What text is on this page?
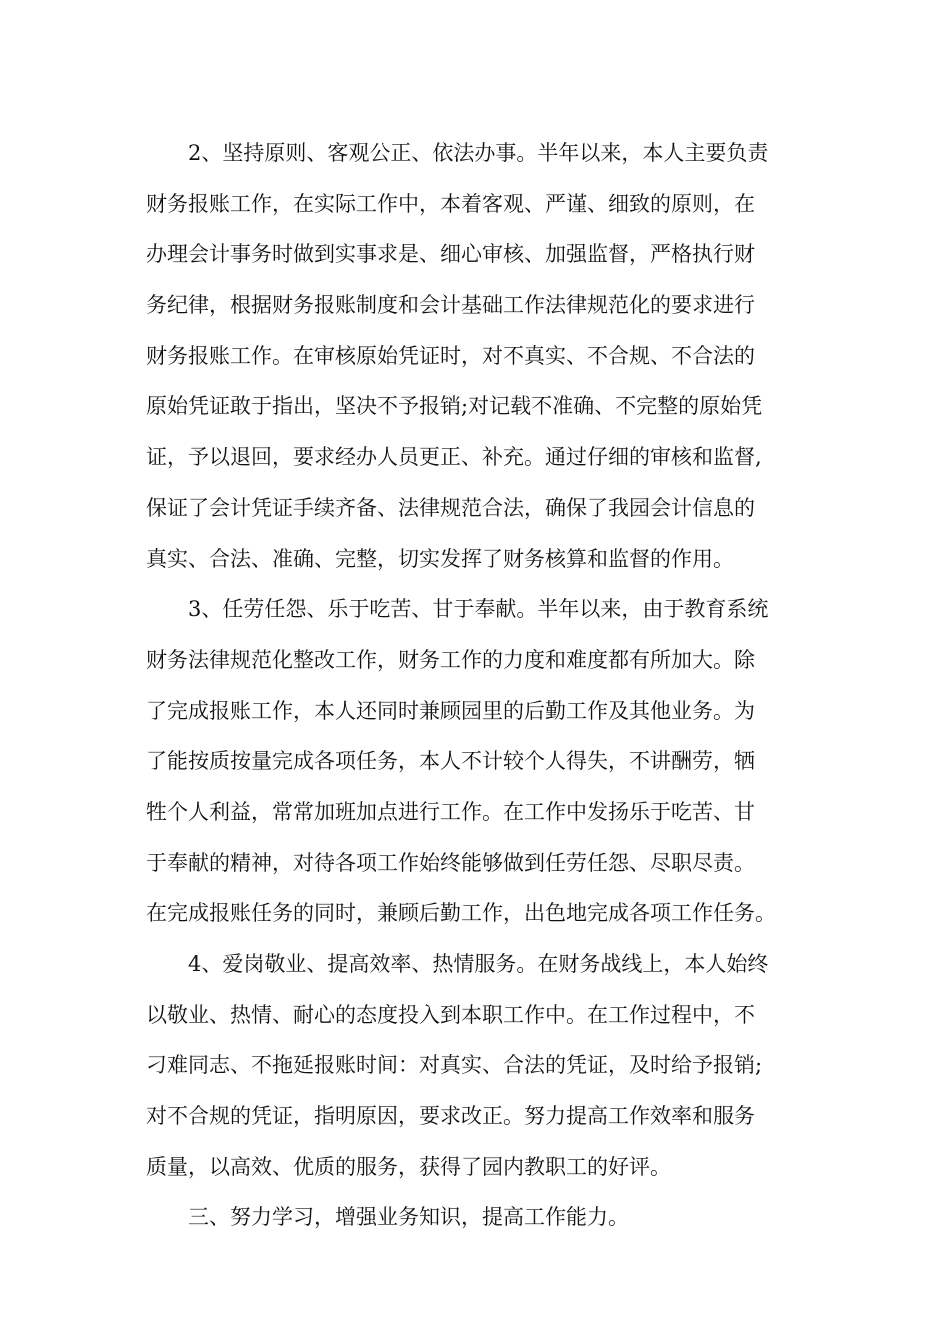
2、坚持原则、客观公正、依法办事。半年以来，本人主要负责
财务报账工作，在实际工作中，本着客观、严谨、细致的原则，在
办理会计事务时做到实事求是、细心审核、加强监督，严格执行财
务纪律，根据财务报账制度和会计基础工作法律规范化的要求进行
财务报账工作。在审核原始凭证时，对不真实、不合规、不合法的
原始凭证敢于指出，坚决不予报销;对记载不准确、不完整的原始凭
证，予以退回，要求经办人员更正、补充。通过仔细的审核和监督,
保证了会计凭证手续齐备、法律规范合法，确保了我园会计信息的
真实、合法、准确、完整，切实发挥了财务核算和监督的作用。
3、任劳任怨、乐于吃苦、甘于奉献。半年以来，由于教育系统
财务法律规范化整改工作，财务工作的力度和难度都有所加大。除
了完成报账工作，本人还同时兼顾园里的后勤工作及其他业务。为
了能按质按量完成各项任务，本人不计较个人得失，不讲酬劳，牺
牲个人利益，常常加班加点进行工作。在工作中发扬乐于吃苦、甘
于奉献的精神，对待各项工作始终能够做到任劳任怨、尽职尽责。
在完成报账任务的同时，兼顾后勤工作，出色地完成各项工作任务。
4、爱岗敬业、提高效率、热情服务。在财务战线上，本人始终
以敬业、热情、耐心的态度投入到本职工作中。在工作过程中，不
刁难同志、不拖延报账时间：对真实、合法的凭证，及时给予报销;
对不合规的凭证，指明原因，要求改正。努力提高工作效率和服务
质量，以高效、优质的服务，获得了园内教职工的好评。
三、努力学习，增强业务知识，提高工作能力。
